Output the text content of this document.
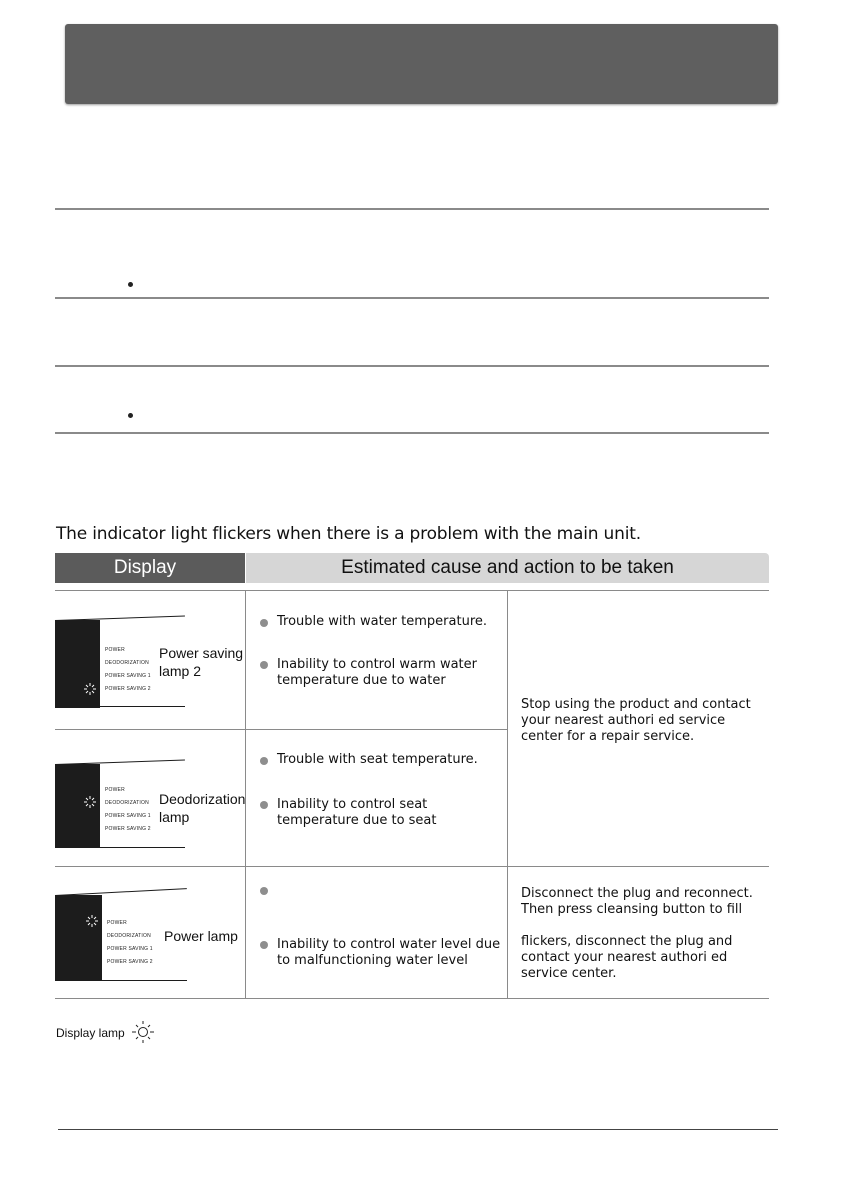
The indicator light flickers when there is a problem with the main unit.
Display	Estimated cause and action to be taken
POWER
DEODORIZATION
POWER SAVING 1
POWER SAVING 2
Power saving lamp 2
Trouble with water temperature.
Inability to control warm water temperature due to water
Stop using the product and contact your nearest authori ed service center for a repair service.
POWER
DEODORIZATION
POWER SAVING 1
POWER SAVING 2
Deodorization lamp
Trouble with seat temperature.
Inability to control seat temperature due to seat
POWER
DEODORIZATION
POWER SAVING 1
POWER SAVING 2
Power lamp
Inability to control water level due to malfunctioning water level
Disconnect the plug and reconnect. Then press cleansing button to fill

flickers, disconnect the plug and contact your nearest authori ed service center.
Display lamp
